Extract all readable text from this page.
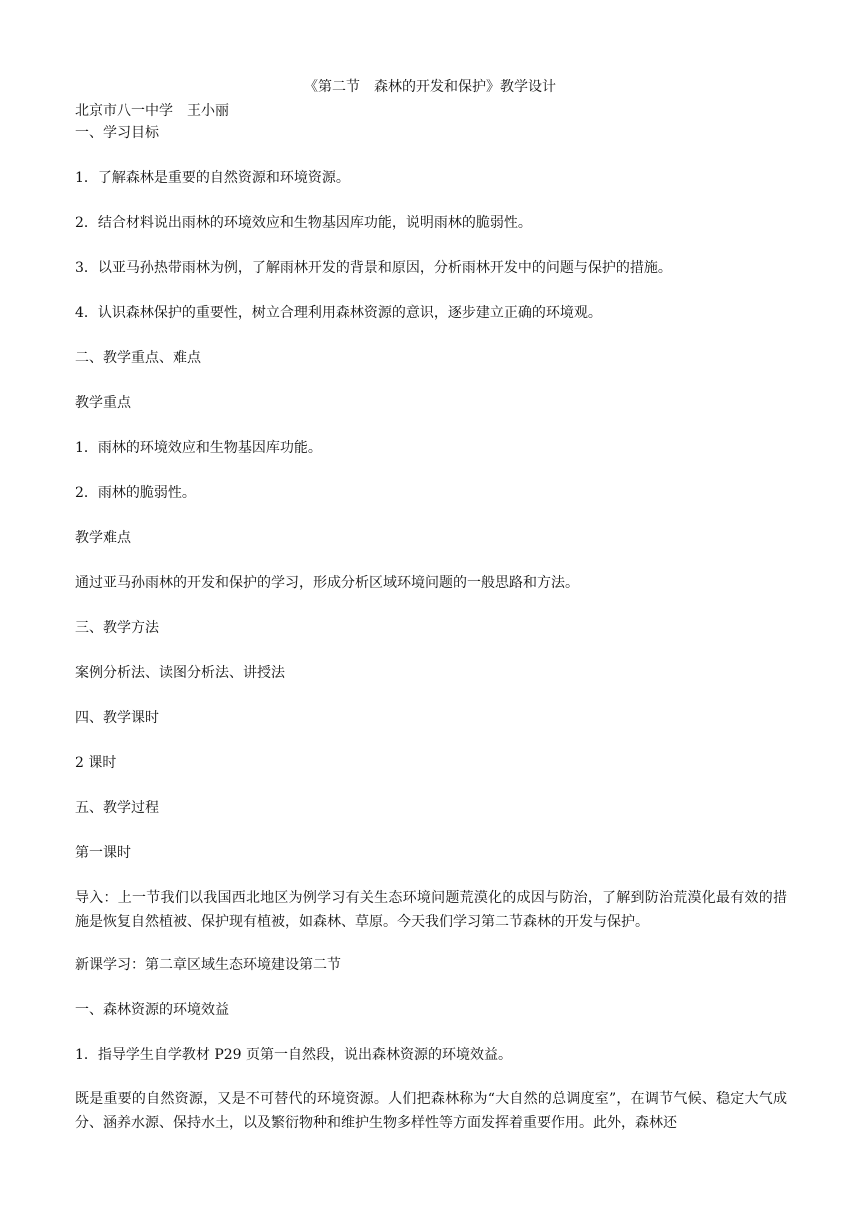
《第二节　森林的开发和保护》教学设计
北京市八一中学　王小丽
一、学习目标
1．了解森林是重要的自然资源和环境资源。
2．结合材料说出雨林的环境效应和生物基因库功能，说明雨林的脆弱性。
3．以亚马孙热带雨林为例，了解雨林开发的背景和原因，分析雨林开发中的问题与保护的措施。
4．认识森林保护的重要性，树立合理利用森林资源的意识，逐步建立正确的环境观。
二、教学重点、难点
教学重点
1．雨林的环境效应和生物基因库功能。
2．雨林的脆弱性。
教学难点
通过亚马孙雨林的开发和保护的学习，形成分析区域环境问题的一般思路和方法。
三、教学方法
案例分析法、读图分析法、讲授法
四、教学课时
2 课时
五、教学过程
第一课时
导入：上一节我们以我国西北地区为例学习有关生态环境问题荒漠化的成因与防治，了解到防治荒漠化最有效的措施是恢复自然植被、保护现有植被，如森林、草原。今天我们学习第二节森林的开发与保护。
新课学习：第二章区域生态环境建设第二节
一、森林资源的环境效益
1．指导学生自学教材 P29 页第一自然段，说出森林资源的环境效益。
既是重要的自然资源，又是不可替代的环境资源。人们把森林称为“大自然的总调度室”，在调节气候、稳定大气成分、涵养水源、保持水土，以及繁衍物种和维护生物多样性等方面发挥着重要作用。此外，森林还
